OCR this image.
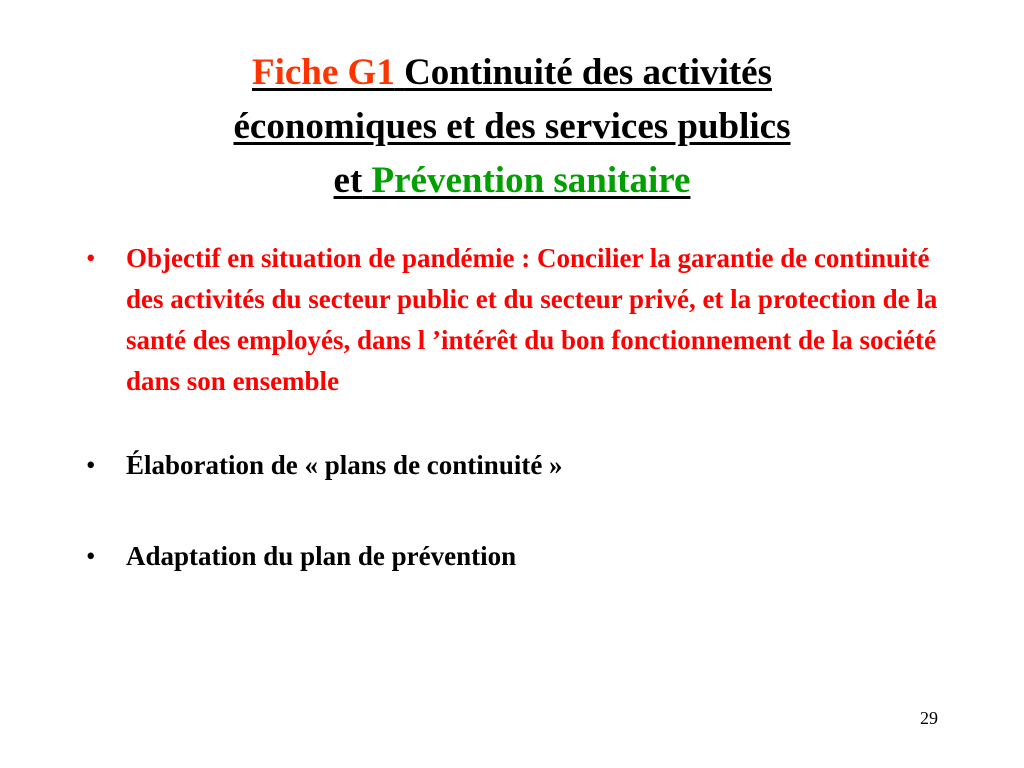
Fiche G1 Continuité des activités
économiques et des services publics
et Prévention sanitaire
•	Objectif en situation de pandémie : Concilier la garantie de continuité des activités du secteur public et du secteur privé, et la protection de la santé des employés, dans l ’intérêt du bon fonctionnement de la société dans son ensemble
•	Élaboration de « plans de continuité »
•	Adaptation du plan de prévention
29
